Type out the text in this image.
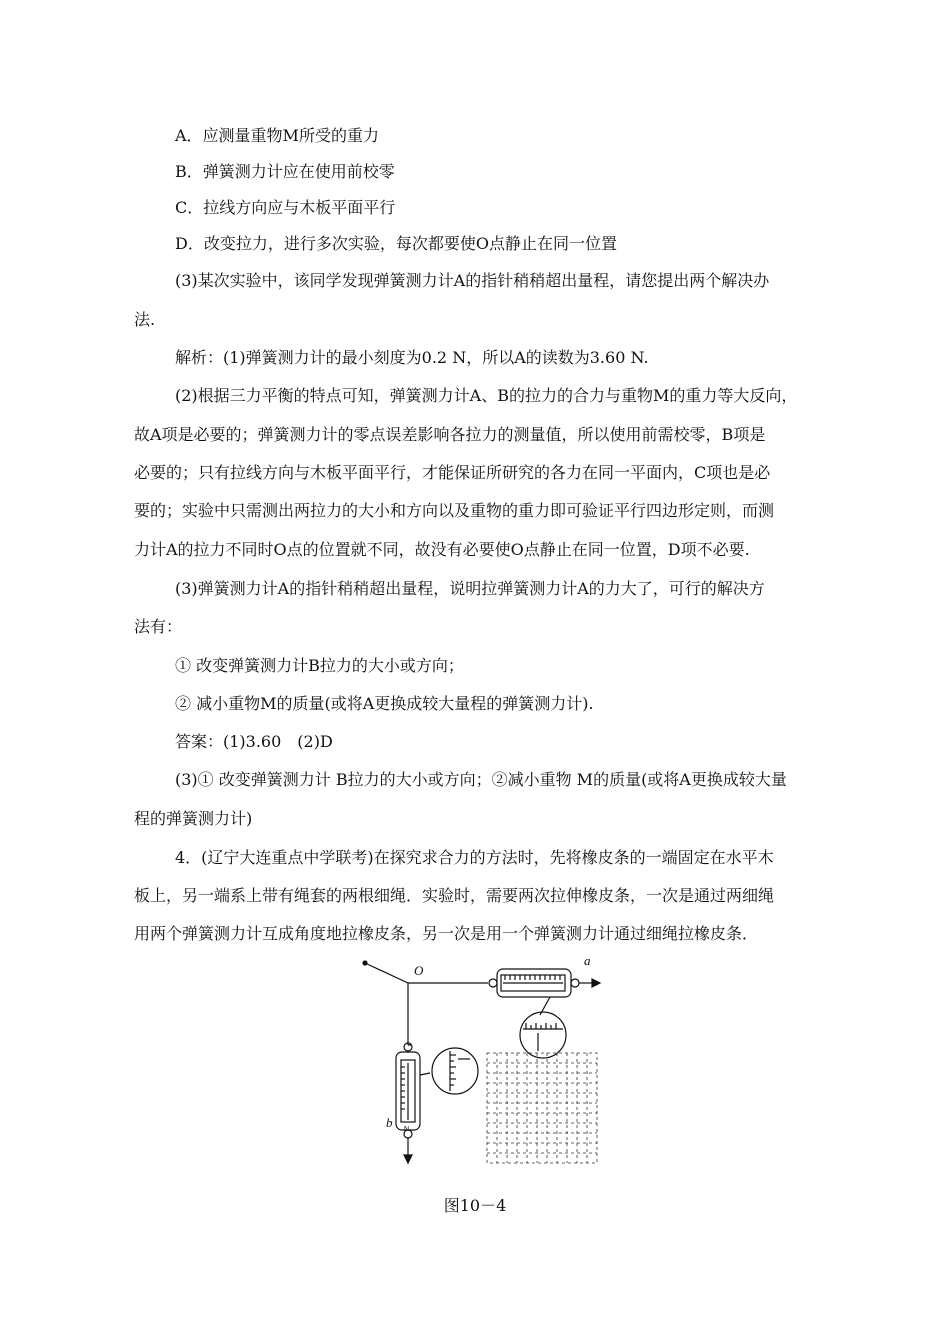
A．应测量重物M所受的重力
B．弹簧测力计应在使用前校零
C．拉线方向应与木板平面平行
D．改变拉力，进行多次实验，每次都要使O点静止在同一位置
(3)某次实验中，该同学发现弹簧测力计A的指针稍稍超出量程，请您提出两个解决办
法.
解析：(1)弹簧测力计的最小刻度为0.2 N，所以A的读数为3.60 N.
(2)根据三力平衡的特点可知，弹簧测力计A、B的拉力的合力与重物M的重力等大反向，
故A项是必要的；弹簧测力计的零点误差影响各拉力的测量值，所以使用前需校零，B项是
必要的；只有拉线方向与木板平面平行，才能保证所研究的各力在同一平面内，C项也是必
要的；实验中只需测出两拉力的大小和方向以及重物的重力即可验证平行四边形定则，而测
力计A的拉力不同时O点的位置就不同，故没有必要使O点静止在同一位置，D项不必要.
(3)弹簧测力计A的指针稍稍超出量程，说明拉弹簧测力计A的力大了，可行的解决方
法有：
① 改变弹簧测力计B拉力的大小或方向；
② 减小重物M的质量(或将A更换成较大量程的弹簧测力计).
答案：(1)3.60　(2)D
(3)① 改变弹簧测力计 B拉力的大小或方向；②减小重物 M的质量(或将A更换成较大量
程的弹簧测力计)
4．(辽宁大连重点中学联考)在探究求合力的方法时，先将橡皮条的一端固定在水平木
板上，另一端系上带有绳套的两根细绳．实验时，需要两次拉伸橡皮条，一次是通过两细绳
用两个弹簧测力计互成角度地拉橡皮条，另一次是用一个弹簧测力计通过细绳拉橡皮条．
O
a
b N
图10－4
